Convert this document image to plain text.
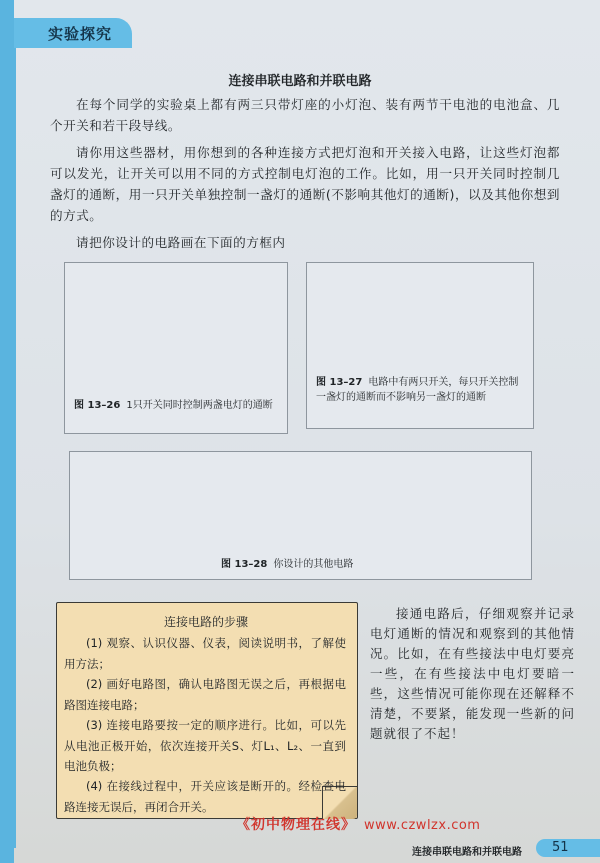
实验探究
连接串联电路和并联电路
在每个同学的实验桌上都有两三只带灯座的小灯泡、装有两节干电池的电池盒、几个开关和若干段导线。
请你用这些器材，用你想到的各种连接方式把灯泡和开关接入电路，让这些灯泡都可以发光，让开关可以用不同的方式控制电灯泡的工作。比如，用一只开关同时控制几盏灯的通断，用一只开关单独控制一盏灯的通断(不影响其他灯的通断)，以及其他你想到的方式。
请把你设计的电路画在下面的方框内
图 13–26 1只开关同时控制两盏电灯的通断
图 13–27 电路中有两只开关，每只开关控制一盏灯的通断而不影响另一盏灯的通断
图 13–28 你设计的其他电路
连接电路的步骤
(1) 观察、认识仪器、仪表，阅读说明书，了解使用方法；
(2) 画好电路图，确认电路图无误之后，再根据电路图连接电路；
(3) 连接电路要按一定的顺序进行。比如，可以先从电池正极开始，依次连接开关S、灯L₁、L₂、一直到电池负极；
(4) 在接线过程中，开关应该是断开的。经检查电路连接无误后，再闭合开关。
接通电路后，仔细观察并记录电灯通断的情况和观察到的其他情况。比如，在有些接法中电灯要亮一些，在有些接法中电灯要暗一些，这些情况可能你现在还解释不清楚，不要紧，能发现一些新的问题就很了不起！
《初中物理在线》 www.czwlzx.com
连接串联电路和并联电路	51
